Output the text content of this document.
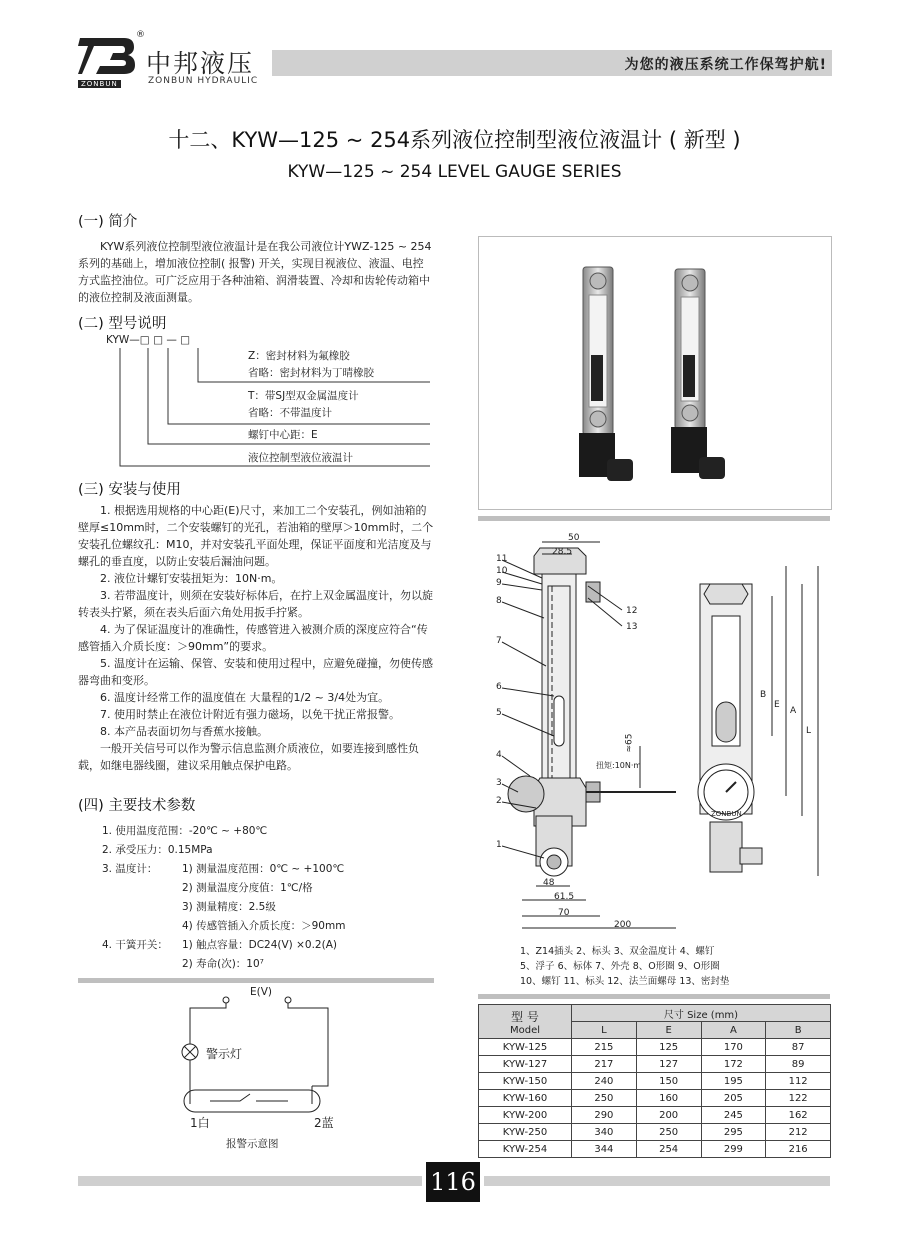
®
ZONBUN
中邦液压
ZONBUN HYDRAULIC
为您的液压系统工作保驾护航!
十二、KYW—125 ~ 254系列液位控制型液位液温计 ( 新型 )
KYW—125 ~ 254 LEVEL GAUGE SERIES
(一) 简介
KYW系列液位控制型液位液温计是在我公司液位计YWZ-125 ~ 254系列的基础上，增加液位控制( 报警) 开关，实现目视液位、液温、电控方式监控油位。可广泛应用于各种油箱、润滑装置、冷却和齿轮传动箱中的液位控制及液面测量。
(二) 型号说明
KYW—□ □ — □
Z：密封材料为氟橡胶
省略：密封材料为丁晴橡胶
T：带SJ型双金属温度计
省略：不带温度计
螺钉中心距：E
液位控制型液位液温计
(三) 安装与使用
1. 根据选用规格的中心距(E)尺寸，来加工二个安装孔，例如油箱的壁厚≤10mm时，二个安装螺钉的光孔，若油箱的壁厚＞10mm时，二个安装孔位螺纹孔：M10，并对安装孔平面处理，保证平面度和光洁度及与螺孔的垂直度，以防止安装后漏油问题。
2. 液位计螺钉安装扭矩为：10N·m。
3. 若带温度计，则须在安装好标体后，在拧上双金属温度计，勿以旋转表头拧紧，须在表头后面六角处用扳手拧紧。
4. 为了保证温度计的准确性，传感管进入被测介质的深度应符合“传感管插入介质长度：＞90mm”的要求。
5. 温度计在运输、保管、安装和使用过程中，应避免碰撞，勿使传感器弯曲和变形。
6. 温度计经常工作的温度值在 大量程的1/2 ~ 3/4处为宜。
7. 使用时禁止在液位计附近有强力磁场，以免干扰正常报警。
8. 本产品表面切勿与香蕉水接触。
一般开关信号可以作为警示信息监测介质液位，如要连接到感性负载，如继电器线圈，建议采用触点保护电路。
(四) 主要技术参数
1. 使用温度范围：-20℃ ~ +80℃
2. 承受压力：0.15MPa
3. 温度计： 1) 测量温度范围：0℃ ~ +100℃
2) 测量温度分度值：1℃/格
3) 测量精度：2.5级
4) 传感管插入介质长度：＞90mm
4. 干簧开关： 1) 触点容量：DC24(V) ×0.2(A)
2) 寿命(次)：10⁷
E(V)
警示灯
1白	2蓝
报警示意图
50
28.5
48
61.5
70
200
≈65
扭矩:10N·m
B
E
A
L
ZONBUN
11
10
9
8
7
6
5
4
3
2
1
12
13
1、Z14插头 2、标头 3、双金温度计 4、螺钉
5、浮子 6、标体 7、外壳 8、O形圈 9、O形圈
10、螺钉 11、标头 12、法兰面螺母 13、密封垫
型 号
Model	尺寸 Size (mm)			
	L	E	A	B
KYW-125	215	125	170	87
KYW-127	217	127	172	89
KYW-150	240	150	195	112
KYW-160	250	160	205	122
KYW-200	290	200	245	162
KYW-250	340	250	295	212
KYW-254	344	254	299	216
116
